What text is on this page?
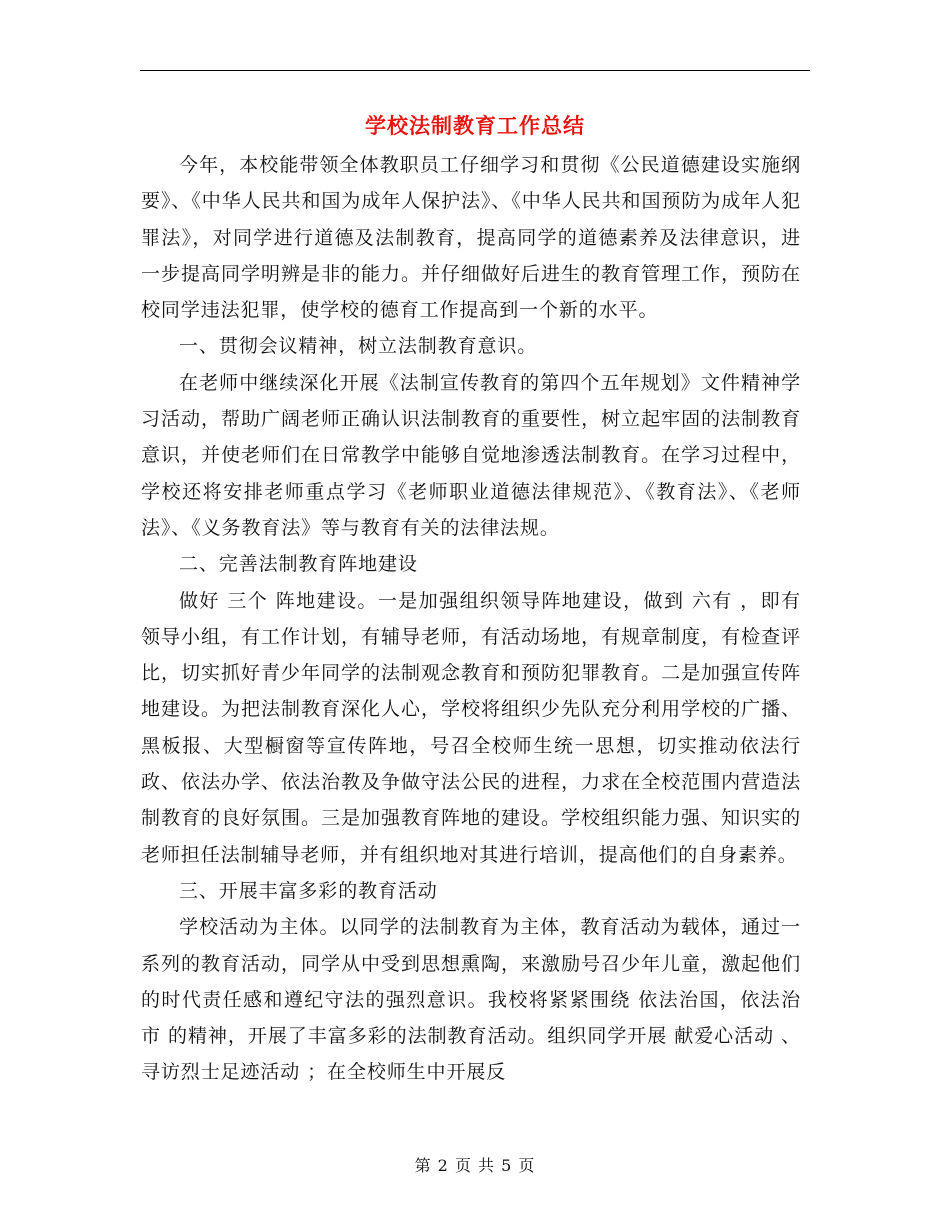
学校法制教育工作总结

今年，本校能带领全体教职员工仔细学习和贯彻《公民道德建设实施纲要》、《中华人民共和国为成年人保护法》、《中华人民共和国预防为成年人犯罪法》，对同学进行道德及法制教育，提高同学的道德素养及法律意识，进一步提高同学明辨是非的能力。并仔细做好后进生的教育管理工作，预防在校同学违法犯罪，使学校的德育工作提高到一个新的水平。

一、贯彻会议精神，树立法制教育意识。

在老师中继续深化开展《法制宣传教育的第四个五年规划》文件精神学习活动，帮助广阔老师正确认识法制教育的重要性，树立起牢固的法制教育意识，并使老师们在日常教学中能够自觉地渗透法制教育。在学习过程中，学校还将安排老师重点学习《老师职业道德法律规范》、《教育法》、《老师法》、《义务教育法》等与教育有关的法律法规。

二、完善法制教育阵地建设

做好 三个 阵地建设。一是加强组织领导阵地建设，做到 六有 ，即有领导小组，有工作计划，有辅导老师，有活动场地，有规章制度，有检查评比，切实抓好青少年同学的法制观念教育和预防犯罪教育。二是加强宣传阵地建设。为把法制教育深化人心，学校将组织少先队充分利用学校的广播、黑板报、大型橱窗等宣传阵地，号召全校师生统一思想，切实推动依法行政、依法办学、依法治教及争做守法公民的进程，力求在全校范围内营造法制教育的良好氛围。三是加强教育阵地的建设。学校组织能力强、知识实的老师担任法制辅导老师，并有组织地对其进行培训，提高他们的自身素养。

三、开展丰富多彩的教育活动

学校活动为主体。以同学的法制教育为主体，教育活动为载体，通过一系列的教育活动，同学从中受到思想熏陶，来激励号召少年儿童，激起他们的时代责任感和遵纪守法的强烈意识。我校将紧紧围绕 依法治国，依法治市 的精神，开展了丰富多彩的法制教育活动。组织同学开展 献爱心活动 、 寻访烈士足迹活动 ；在全校师生中开展反

第 2 页 共 5 页
